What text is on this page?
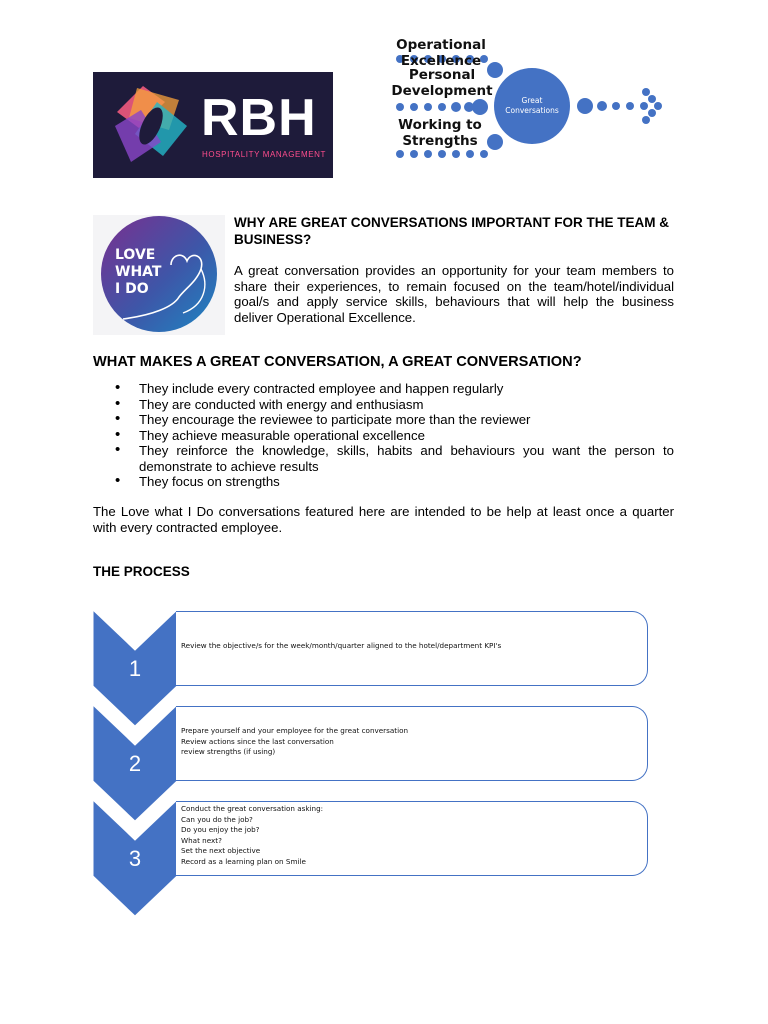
RBH
HOSPITALITY MANAGEMENT
Operational Excellence
Personal Development
Working to Strengths
Great Conversations
LOVE
WHAT
I DO
WHY ARE GREAT CONVERSATIONS IMPORTANT FOR THE TEAM & BUSINESS?
A great conversation provides an opportunity for your team members to share their experiences, to remain focused on the team/hotel/individual goal/s and apply service skills, behaviours that will help the business deliver Operational Excellence.
WHAT MAKES A GREAT CONVERSATION, A GREAT CONVERSATION?
• They include every contracted employee and happen regularly
• They are conducted with energy and enthusiasm
• They encourage the reviewee to participate more than the reviewer
• They achieve measurable operational excellence
• They reinforce the knowledge, skills, habits and behaviours you want the person to demonstrate to achieve results
• They focus on strengths
The Love what I Do conversations featured here are intended to be help at least once a quarter with every contracted employee.
THE PROCESS
1
2
3
Review the objective/s for the week/month/quarter aligned to the hotel/department KPI's
Prepare yourself and your employee for the great conversation
Review actions since the last conversation
review strengths (if using)
Conduct the great conversation asking:
Can you do the job?
Do you enjoy the job?
What next?
Set the next objective
Record as a learning plan on Smile
